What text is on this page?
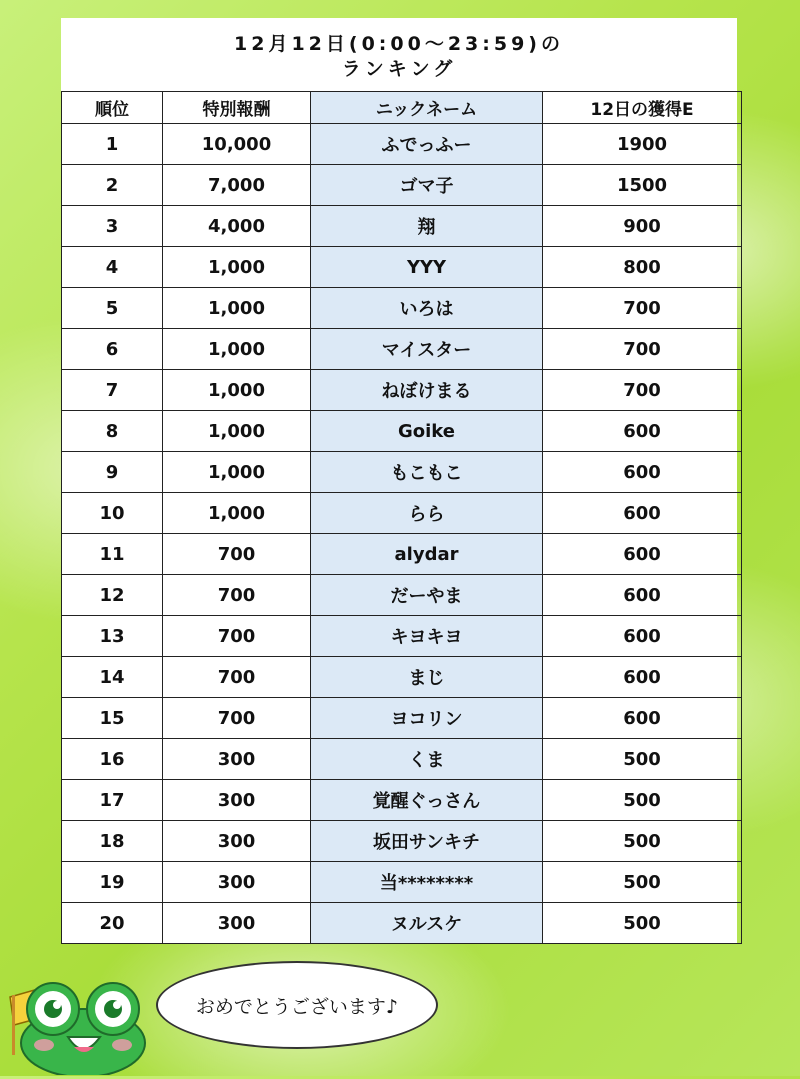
12月12日(0:00〜23:59)の
ランキング
順位	特別報酬	ニックネーム	12日の獲得E
1	10,000	ふでっふー	1900
2	7,000	ゴマ子	1500
3	4,000	翔	900
4	1,000	YYY	800
5	1,000	いろは	700
6	1,000	マイスター	700
7	1,000	ねぼけまる	700
8	1,000	Goike	600
9	1,000	もこもこ	600
10	1,000	らら	600
11	700	alydar	600
12	700	だーやま	600
13	700	キヨキヨ	600
14	700	まじ	600
15	700	ヨコリン	600
16	300	くま	500
17	300	覚醒ぐっさん	500
18	300	坂田サンキチ	500
19	300	当********	500
20	300	ヌルスケ	500
おめでとうございます♪
